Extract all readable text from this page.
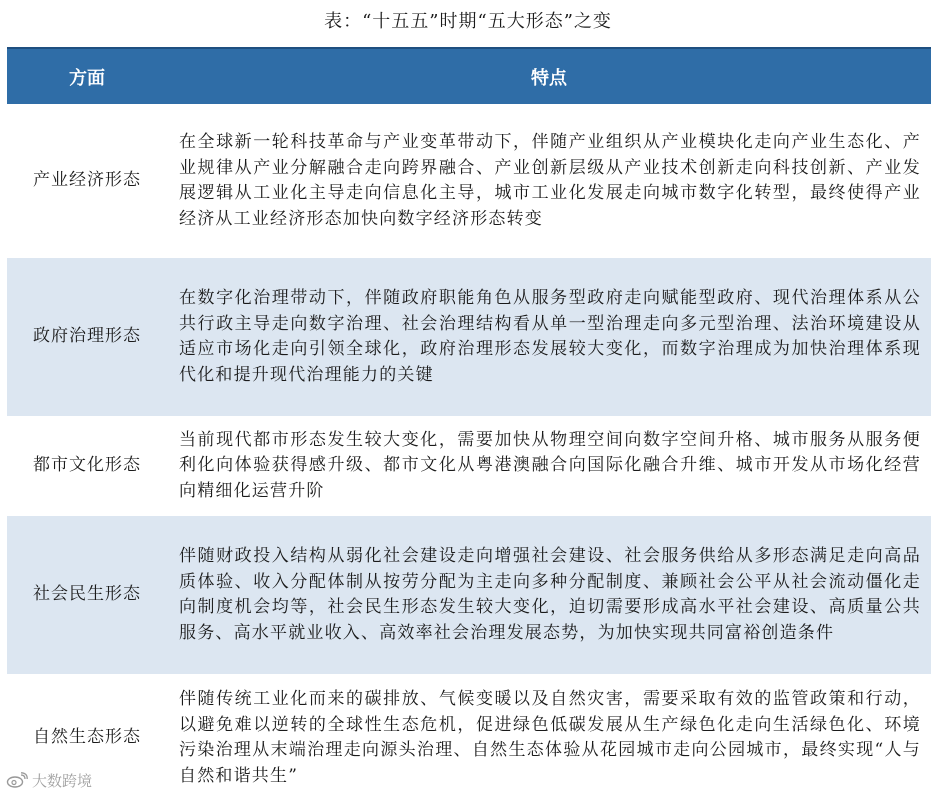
表：“十五五”时期“五大形态”之变
方面	特点
产业经济形态	在全球新一轮科技革命与产业变革带动下，伴随产业组织从产业模块化走向产业生态化、产业规律从产业分解融合走向跨界融合、产业创新层级从产业技术创新走向科技创新、产业发展逻辑从工业化主导走向信息化主导，城市工业化发展走向城市数字化转型，最终使得产业经济从工业经济形态加快向数字经济形态转变
政府治理形态	在数字化治理带动下，伴随政府职能角色从服务型政府走向赋能型政府、现代治理体系从公共行政主导走向数字治理、社会治理结构看从单一型治理走向多元型治理、法治环境建设从适应市场化走向引领全球化，政府治理形态发展较大变化，而数字治理成为加快治理体系现代化和提升现代治理能力的关键
都市文化形态	当前现代都市形态发生较大变化，需要加快从物理空间向数字空间升格、城市服务从服务便利化向体验获得感升级、都市文化从粤港澳融合向国际化融合升维、城市开发从市场化经营向精细化运营升阶
社会民生形态	伴随财政投入结构从弱化社会建设走向增强社会建设、社会服务供给从多形态满足走向高品质体验、收入分配体制从按劳分配为主走向多种分配制度、兼顾社会公平从社会流动僵化走向制度机会均等，社会民生形态发生较大变化，迫切需要形成高水平社会建设、高质量公共服务、高水平就业收入、高效率社会治理发展态势，为加快实现共同富裕创造条件
自然生态形态	伴随传统工业化而来的碳排放、气候变暖以及自然灾害，需要采取有效的监管政策和行动，以避免难以逆转的全球性生态危机，促进绿色低碳发展从生产绿色化走向生活绿色化、环境污染治理从末端治理走向源头治理、自然生态体验从花园城市走向公园城市，最终实现“人与自然和谐共生”
大数跨境
